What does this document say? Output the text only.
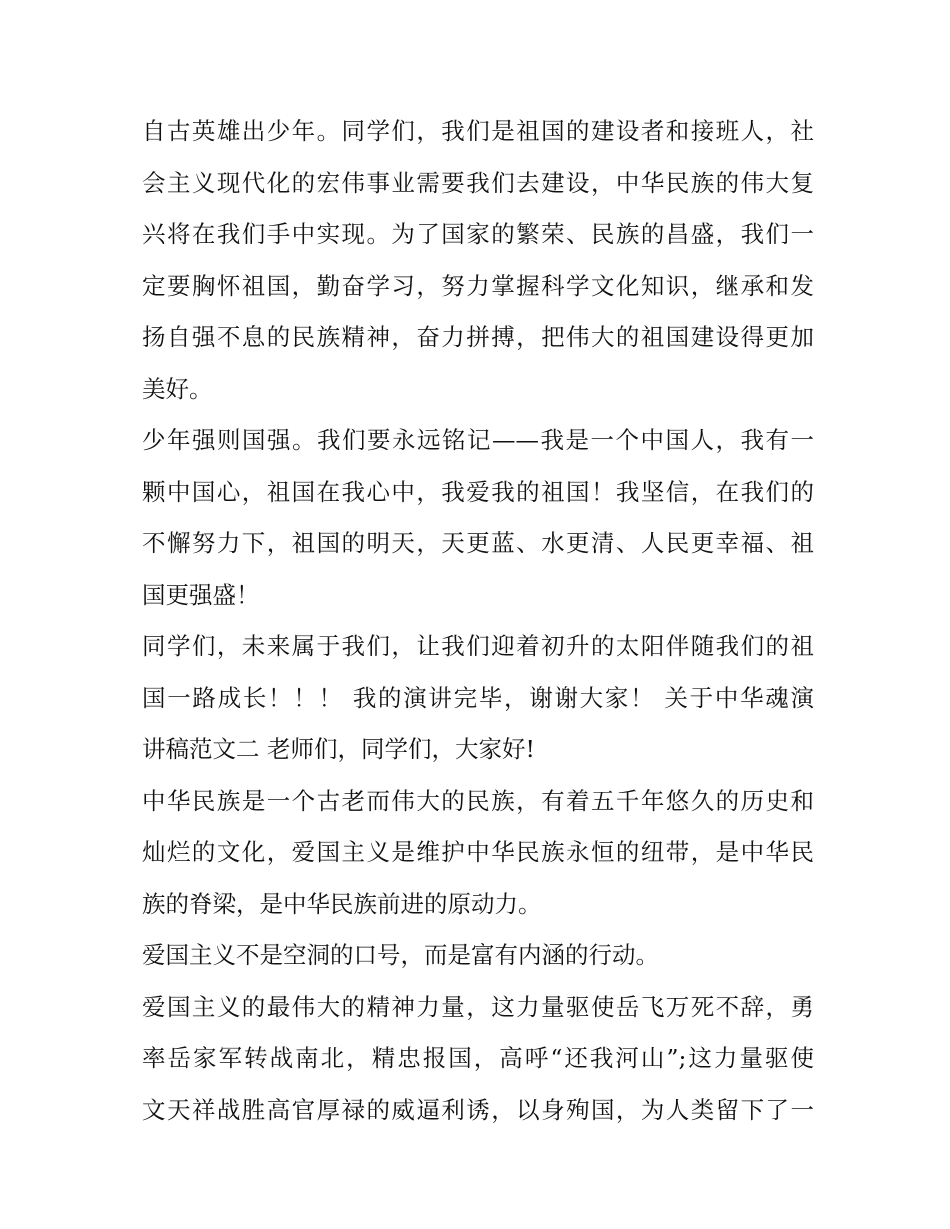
自古英雄出少年。同学们，我们是祖国的建设者和接班人，社
会主义现代化的宏伟事业需要我们去建设，中华民族的伟大复
兴将在我们手中实现。为了国家的繁荣、民族的昌盛，我们一
定要胸怀祖国，勤奋学习，努力掌握科学文化知识，继承和发
扬自强不息的民族精神，奋力拼搏，把伟大的祖国建设得更加
美好。
少年强则国强。我们要永远铭记——我是一个中国人，我有一
颗中国心，祖国在我心中，我爱我的祖国！我坚信，在我们的
不懈努力下，祖国的明天，天更蓝、水更清、人民更幸福、祖
国更强盛！
同学们，未来属于我们，让我们迎着初升的太阳伴随我们的祖
国一路成长！！！ 我的演讲完毕，谢谢大家！ 关于中华魂演
讲稿范文二 老师们，同学们，大家好!
中华民族是一个古老而伟大的民族，有着五千年悠久的历史和
灿烂的文化，爱国主义是维护中华民族永恒的纽带，是中华民
族的脊梁，是中华民族前进的原动力。
爱国主义不是空洞的口号，而是富有内涵的行动。
爱国主义的最伟大的精神力量，这力量驱使岳飞万死不辞，勇
率岳家军转战南北，精忠报国，高呼“还我河山”;这力量驱使
文天祥战胜高官厚禄的威逼利诱，以身殉国，为人类留下了一
